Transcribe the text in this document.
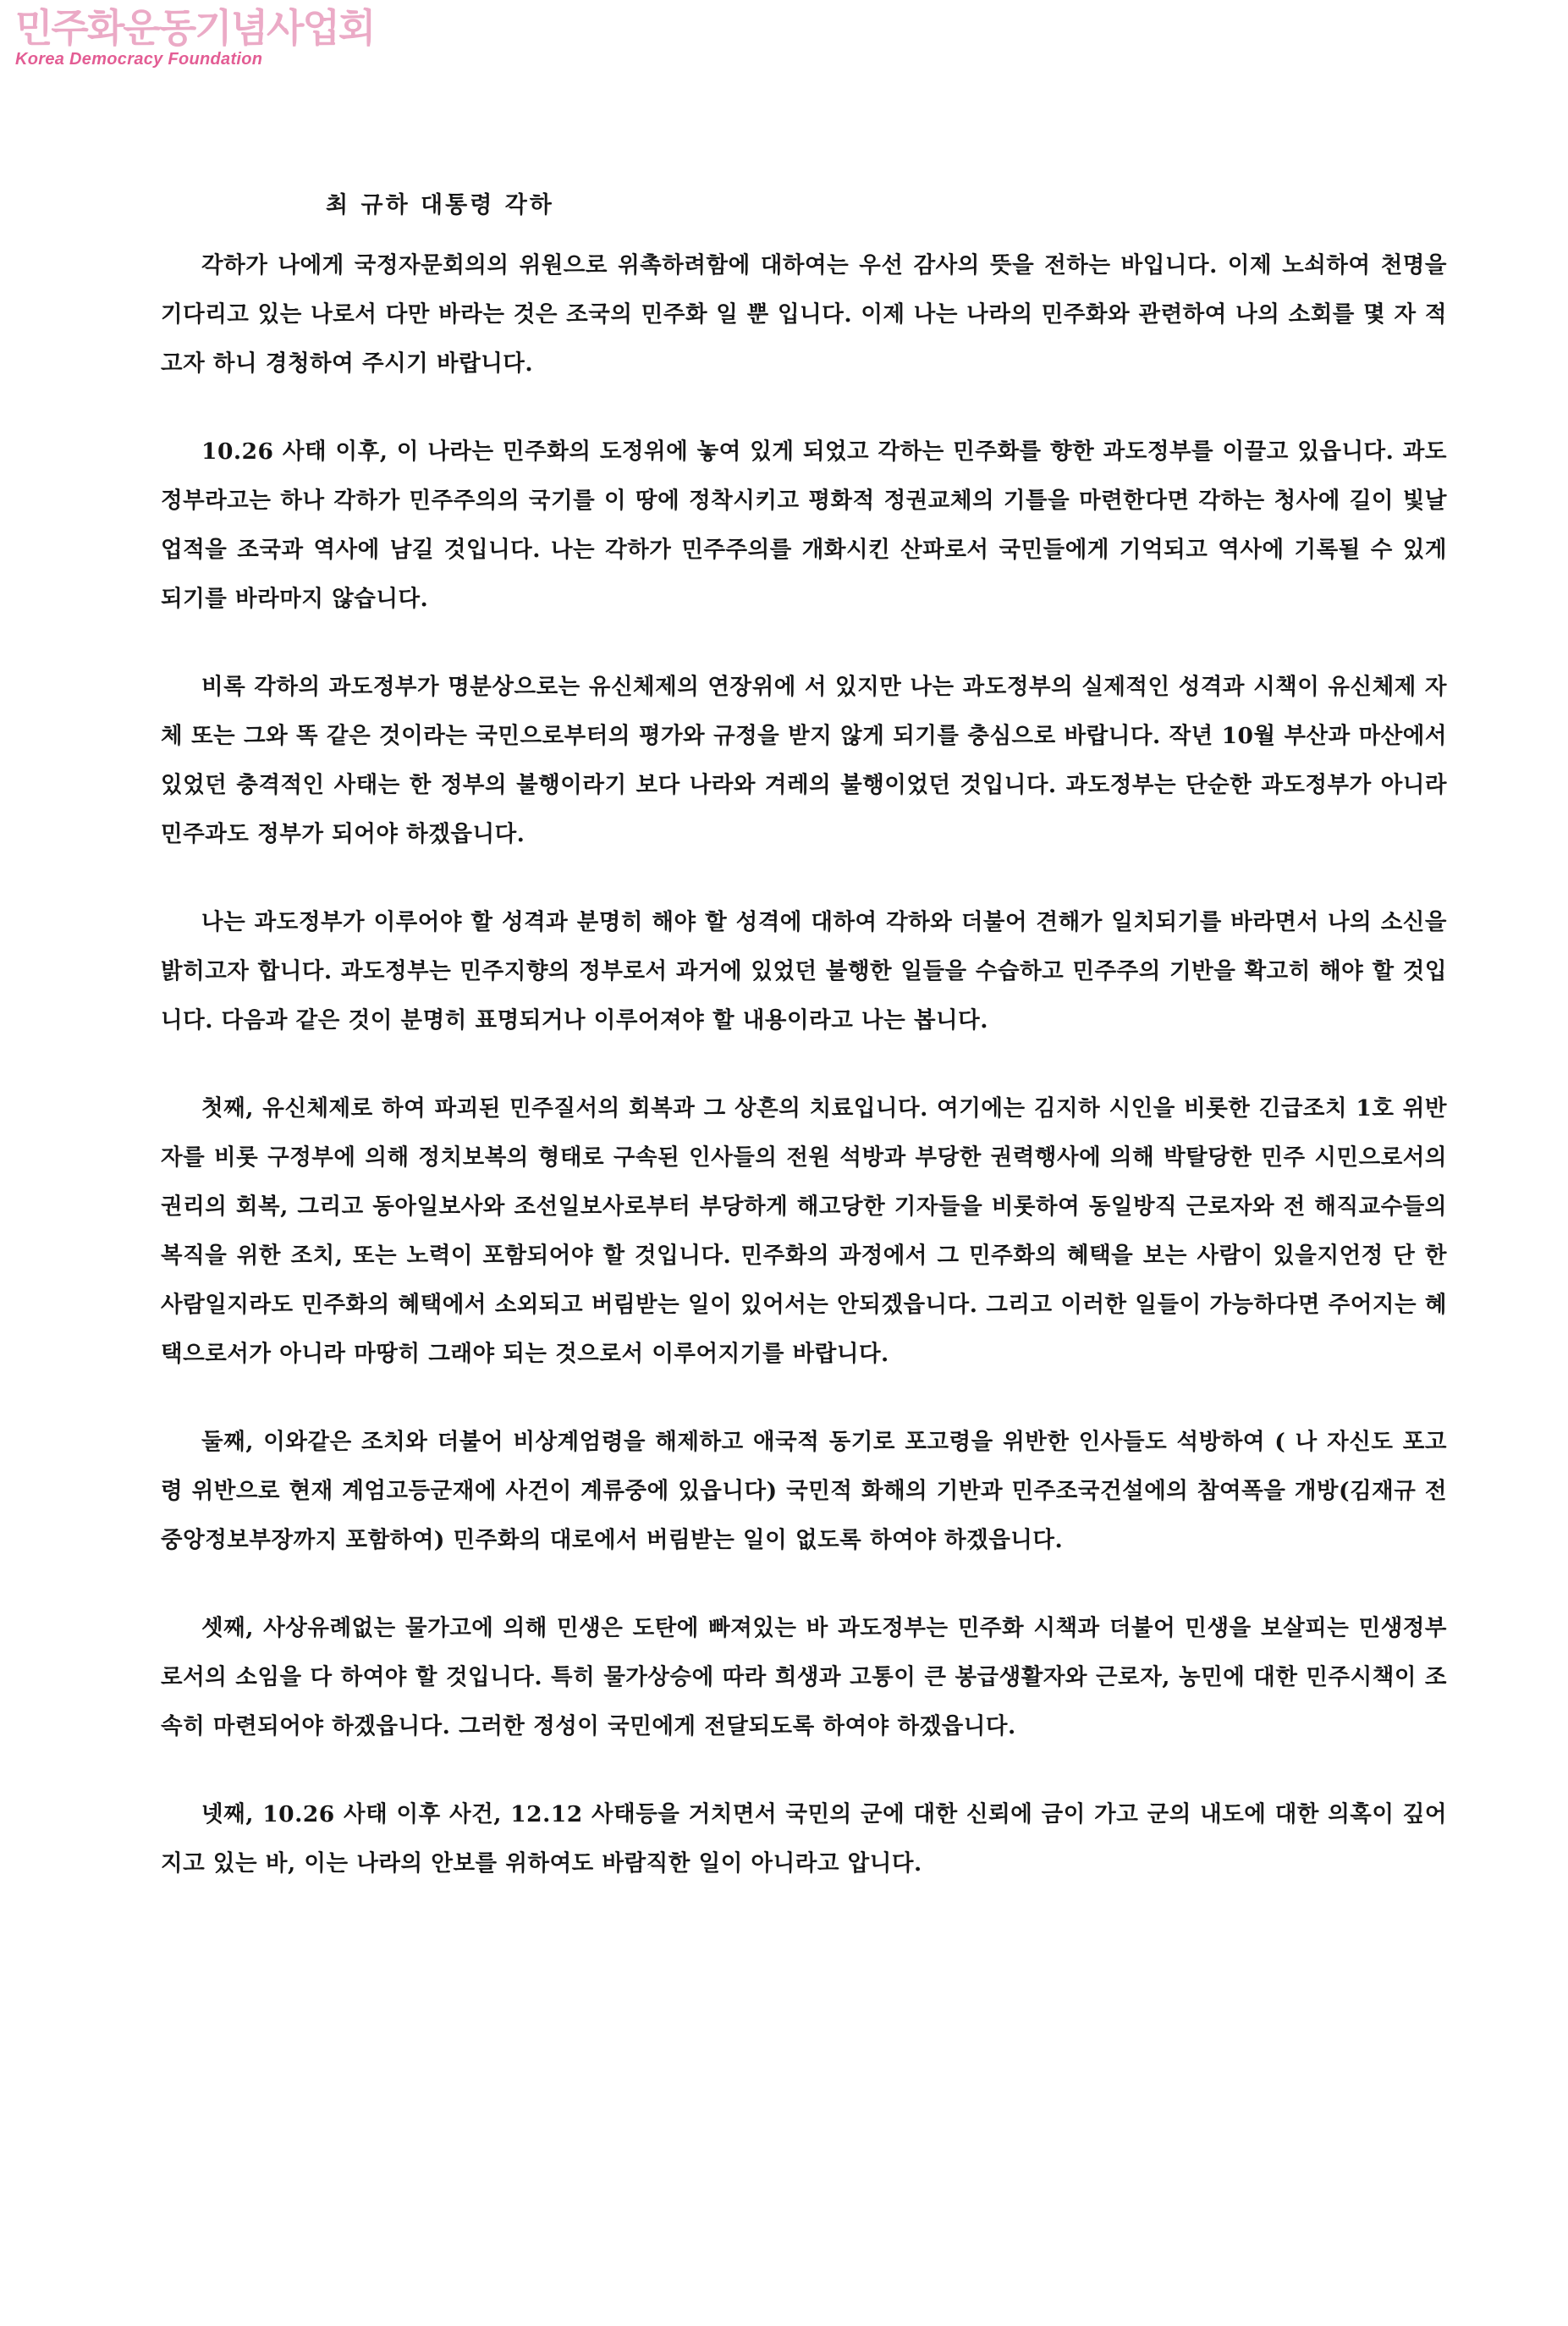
민주화운동기념사업회
Korea Democracy Foundation

최 규하 대통령 각하

각하가 나에게 국정자문회의의 위원으로 위촉하려함에 대하여는 우선 감사의 뜻을 전하는 바입니다. 이제 노쇠하여 천명을 기다리고 있는 나로서 다만 바라는 것은 조국의 민주화 일 뿐 입니다. 이제 나는 나라의 민주화와 관련하여 나의 소회를 몇 자 적고자 하니 경청하여 주시기 바랍니다.

10.26 사태 이후, 이 나라는 민주화의 도정위에 놓여 있게 되었고 각하는 민주화를 향한 과도정부를 이끌고 있읍니다. 과도정부라고는 하나 각하가 민주주의의 국기를 이 땅에 정착시키고 평화적 정권교체의 기틀을 마련한다면 각하는 청사에 길이 빛날 업적을 조국과 역사에 남길 것입니다. 나는 각하가 민주주의를 개화시킨 산파로서 국민들에게 기억되고 역사에 기록될 수 있게 되기를 바라마지 않습니다.

비록 각하의 과도정부가 명분상으로는 유신체제의 연장위에 서 있지만 나는 과도정부의 실제적인 성격과 시책이 유신체제 자체 또는 그와 똑 같은 것이라는 국민으로부터의 평가와 규정을 받지 않게 되기를 충심으로 바랍니다. 작년 10월 부산과 마산에서 있었던 충격적인 사태는 한 정부의 불행이라기 보다 나라와 겨레의 불행이었던 것입니다. 과도정부는 단순한 과도정부가 아니라 민주과도 정부가 되어야 하겠읍니다.

나는 과도정부가 이루어야 할 성격과 분명히 해야 할 성격에 대하여 각하와 더불어 견해가 일치되기를 바라면서 나의 소신을 밝히고자 합니다. 과도정부는 민주지향의 정부로서 과거에 있었던 불행한 일들을 수습하고 민주주의 기반을 확고히 해야 할 것입니다. 다음과 같은 것이 분명히 표명되거나 이루어져야 할 내용이라고 나는 봅니다.

첫째, 유신체제로 하여 파괴된 민주질서의 회복과 그 상흔의 치료입니다. 여기에는 김지하 시인을 비롯한 긴급조치 1호 위반자를 비롯 구정부에 의해 정치보복의 형태로 구속된 인사들의 전원 석방과 부당한 권력행사에 의해 박탈당한 민주 시민으로서의 권리의 회복, 그리고 동아일보사와 조선일보사로부터 부당하게 해고당한 기자들을 비롯하여 동일방직 근로자와 전 해직교수들의 복직을 위한 조치, 또는 노력이 포함되어야 할 것입니다. 민주화의 과정에서 그 민주화의 혜택을 보는 사람이 있을지언정 단 한 사람일지라도 민주화의 혜택에서 소외되고 버림받는 일이 있어서는 안되겠읍니다. 그리고 이러한 일들이 가능하다면 주어지는 혜택으로서가 아니라 마땅히 그래야 되는 것으로서 이루어지기를 바랍니다.

둘째, 이와같은 조치와 더불어 비상계엄령을 해제하고 애국적 동기로 포고령을 위반한 인사들도 석방하여 ( 나 자신도 포고령 위반으로 현재 계엄고등군재에 사건이 계류중에 있읍니다) 국민적 화해의 기반과 민주조국건설에의 참여폭을 개방(김재규 전 중앙정보부장까지 포함하여) 민주화의 대로에서 버림받는 일이 없도록 하여야 하겠읍니다.

셋째, 사상유례없는 물가고에 의해 민생은 도탄에 빠져있는 바 과도정부는 민주화 시책과 더불어 민생을 보살피는 민생정부로서의 소임을 다 하여야 할 것입니다. 특히 물가상승에 따라 희생과 고통이 큰 봉급생활자와 근로자, 농민에 대한 민주시책이 조속히 마련되어야 하겠읍니다. 그러한 정성이 국민에게 전달되도록 하여야 하겠읍니다.

넷째, 10.26 사태 이후 사건, 12.12 사태등을 거치면서 국민의 군에 대한 신뢰에 금이 가고 군의 내도에 대한 의혹이 깊어지고 있는 바, 이는 나라의 안보를 위하여도 바람직한 일이 아니라고 압니다.
